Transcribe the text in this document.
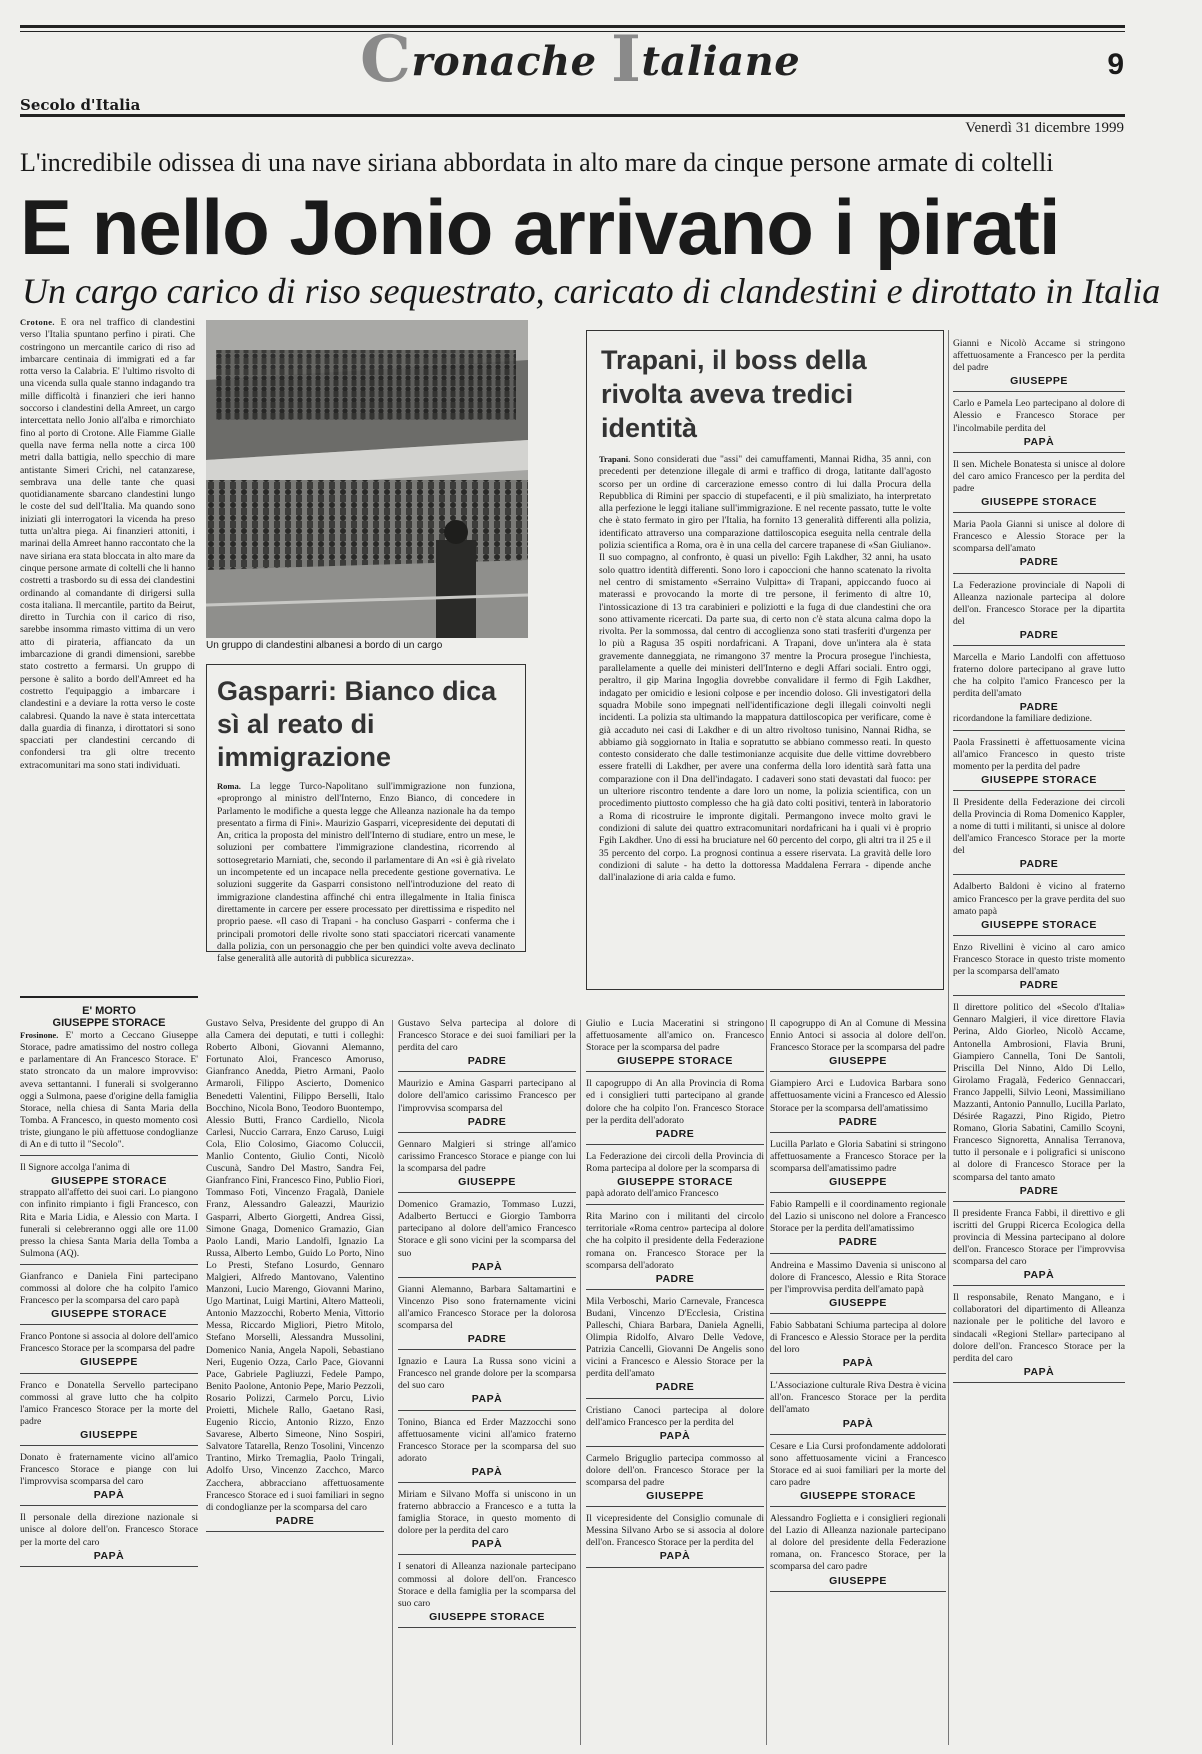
Cronache Italiane
Secolo d'Italia
9
Venerdì 31 dicembre 1999
L'incredibile odissea di una nave siriana abbordata in alto mare da cinque persone armate di coltelli
E nello Jonio arrivano i pirati
Un cargo carico di riso sequestrato, caricato di clandestini e dirottato in Italia
Crotone. E ora nel traffico di clandestini verso l'Italia spuntano perfino i pirati. Che costringono un mercantile carico di riso ad imbarcare centinaia di immigrati ed a far rotta verso la Calabria. E' l'ultimo risvolto di una vicenda sulla quale stanno indagando tra mille difficoltà i finanzieri che ieri hanno soccorso i clandestini della Amreet, un cargo intercettata nello Jonio all'alba e rimorchiato fino al porto di Crotone. Alle Fiamme Gialle quella nave ferma nella notte a circa 100 metri dalla battigia, nello specchio di mare antistante Simeri Crichi, nel catanzarese, sembrava una delle tante che quasi quotidianamente sbarcano clandestini lungo le coste del sud dell'Italia. Ma quando sono iniziati gli interrogatori la vicenda ha preso tutta un'altra piega. Ai finanzieri attoniti, i marinai della Amreet hanno raccontato che la nave siriana era stata bloccata in alto mare da cinque persone armate di coltelli che li hanno costretti a trasbordo su di essa dei clandestini ordinando al comandante di dirigersi sulla costa italiana. Il mercantile, partito da Beirut, diretto in Turchia con il carico di riso, sarebbe insomma rimasto vittima di un vero atto di pirateria, affiancato da un imbarcazione di grandi dimensioni, sarebbe stato costretto a fermarsi. Un gruppo di persone è salito a bordo dell'Amreet ed ha costretto l'equipaggio a imbarcare i clandestini e a deviare la rotta verso le coste calabresi. Quando la nave è stata intercettata dalla guardia di finanza, i dirottatori si sono spacciati per clandestini cercando di confondersi tra gli oltre trecento extracomunitari ma sono stati individuati.
Un gruppo di clandestini albanesi a bordo di un cargo
Gasparri: Bianco dica sì al reato di immigrazione
Roma. La legge Turco-Napolitano sull'immigrazione non funziona, «proprongo al ministro dell'Interno, Enzo Bianco, di concedere in Parlamento le modifiche a questa legge che Alleanza nazionale ha da tempo presentato a firma di Fini». Maurizio Gasparri, vicepresidente dei deputati di An, critica la proposta del ministro dell'Interno di studiare, entro un mese, le soluzioni per combattere l'immigrazione clandestina, ricorrendo al sottosegretario Marniati, che, secondo il parlamentare di An «si è già rivelato un incompetente ed un incapace nella precedente gestione governativa. Le soluzioni suggerite da Gasparri consistono nell'introduzione del reato di immigrazione clandestina affinché chi entra illegalmente in Italia finisca direttamente in carcere per essere processato per direttissima e rispedito nel proprio paese. «Il caso di Trapani - ha concluso Gasparri - conferma che i principali promotori delle rivolte sono stati spacciatori ricercati vanamente dalla polizia, con un personaggio che per ben quindici volte aveva declinato false generalità alle autorità di pubblica sicurezza».
Trapani, il boss della rivolta aveva tredici identità
Trapani. Sono considerati due "assi" dei camuffamenti, Mannai Ridha, 35 anni, con precedenti per detenzione illegale di armi e traffico di droga, latitante dall'agosto scorso per un ordine di carcerazione emesso contro di lui dalla Procura della Repubblica di Rimini per spaccio di stupefacenti, e il più smaliziato, ha interpretato alla perfezione le leggi italiane sull'immigrazione. E nel recente passato, tutte le volte che è stato fermato in giro per l'Italia, ha fornito 13 generalità differenti alla polizia, identificato attraverso una comparazione dattiloscopica eseguita nella centrale della polizia scientifica a Roma, ora è in una cella del carcere trapanese di «San Giuliano». Il suo compagno, al confronto, è quasi un pivello: Fgih Lakdher, 32 anni, ha usato solo quattro identità differenti. Sono loro i capoccioni che hanno scatenato la rivolta nel centro di smistamento «Serraino Vulpitta» di Trapani, appiccando fuoco ai materassi e provocando la morte di tre persone, il ferimento di altre 10, l'intossicazione di 13 tra carabinieri e poliziotti e la fuga di due clandestini che ora sono attivamente ricercati. Da parte sua, di certo non c'è stata alcuna calma dopo la rivolta. Per la sommossa, dal centro di accoglienza sono stati trasferiti d'urgenza per lo più a Ragusa 35 ospiti nordafricani. A Trapani, dove un'intera ala è stata gravemente danneggiata, ne rimangono 37 mentre la Procura prosegue l'inchiesta, parallelamente a quelle dei ministeri dell'Interno e degli Affari sociali. Entro oggi, peraltro, il gip Marina Ingoglia dovrebbe convalidare il fermo di Fgih Lakdher, indagato per omicidio e lesioni colpose e per incendio doloso. Gli investigatori della squadra Mobile sono impegnati nell'identificazione degli illegali coinvolti negli incidenti. La polizia sta ultimando la mappatura dattiloscopica per verificare, come è già accaduto nei casi di Lakdher e di un altro rivoltoso tunisino, Nannai Ridha, se abbiamo già soggiornato in Italia e sopratutto se abbiano commesso reati. In questo contesto considerato che dalle testimonianze acquisite due delle vittime dovrebbero essere fratelli di Lakdher, per avere una conferma della loro identità sarà fatta una comparazione con il Dna dell'indagato. I cadaveri sono stati devastati dal fuoco: per un ulteriore riscontro tendente a dare loro un nome, la polizia scientifica, con un procedimento piuttosto complesso che ha già dato colti positivi, tenterà in laboratorio a Roma di ricostruire le impronte digitali. Permangono invece molto gravi le condizioni di salute dei quattro extracomunitari nordafricani ha i quali vi è proprio Fgih Lakdher. Uno di essi ha bruciature nel 60 percento del corpo, gli altri tra il 25 e il 35 percento del corpo. La prognosi continua a essere riservata. La gravità delle loro condizioni di salute - ha detto la dottoressa Maddalena Ferrara - dipende anche dall'inalazione di aria calda e fumo.
Gianni e Nicolò Accame si stringono affettuosamente a Francesco per la perdita del padre
GIUSEPPE
Carlo e Pamela Leo partecipano al dolore di Alessio e Francesco Storace per l'incolmabile perdita del
PAPÀ
Il sen. Michele Bonatesta si unisce al dolore del caro amico Francesco per la perdita del padre
GIUSEPPE STORACE
Maria Paola Gianni si unisce al dolore di Francesco e Alessio Storace per la scomparsa dell'amato
PADRE
La Federazione provinciale di Napoli di Alleanza nazionale partecipa al dolore dell'on. Francesco Storace per la dipartita del
PADRE
Marcella e Mario Landolfi con affettuoso fraterno dolore partecipano al grave lutto che ha colpito l'amico Francesco per la perdita dell'amato
PADRE
ricordandone la familiare dedizione.
Paola Frassinetti è affettuosamente vicina all'amico Francesco in questo triste momento per la perdita del padre
GIUSEPPE STORACE
Il Presidente della Federazione dei circoli della Provincia di Roma Domenico Kappler, a nome di tutti i militanti, si unisce al dolore dell'amico Francesco Storace per la morte del
PADRE
Adalberto Baldoni è vicino al fraterno amico Francesco per la grave perdita del suo amato papà
GIUSEPPE STORACE
Enzo Rivellini è vicino al caro amico Francesco Storace in questo triste momento per la scomparsa dell'amato
PADRE
Il direttore politico del «Secolo d'Italia» Gennaro Malgieri, il vice direttore Flavia Perina, Aldo Giorleo, Nicolò Accame, Antonella Ambrosioni, Flavia Bruni, Giampiero Cannella, Toni De Santoli, Priscilla Del Ninno, Aldo Di Lello, Girolamo Fragalà, Federico Gennaccari, Franco Jappelli, Silvio Leoni, Massimiliano Mazzanti, Antonio Pannullo, Lucilla Parlato, Désirée Ragazzi, Pino Rigido, Pietro Romano, Gloria Sabatini, Camillo Scoyni, Francesco Signoretta, Annalisa Terranova, tutto il personale e i poligrafici si uniscono al dolore di Francesco Storace per la scomparsa del tanto amato
PADRE
Il presidente Franca Fabbi, il direttivo e gli iscritti del Gruppi Ricerca Ecologica della provincia di Messina partecipano al dolore dell'on. Francesco Storace per l'improvvisa scomparsa del caro
PAPÀ
Il responsabile, Renato Mangano, e i collaboratori del dipartimento di Alleanza nazionale per le politiche del lavoro e sindacali «Regioni Stellar» partecipano al dolore dell'on. Francesco Storace per la perdita del caro
PAPÀ
E' MORTO
GIUSEPPE STORACE
Frosinone. E' morto a Ceccano Giuseppe Storace, padre amatissimo del nostro collega e parlamentare di An Francesco Storace. E' stato stroncato da un malore improvviso: aveva settantanni. I funerali si svolgeranno oggi a Sulmona, paese d'origine della famiglia Storace, nella chiesa di Santa Maria della Tomba. A Francesco, in questo momento così triste, giungano le più affettuose condoglianze di An e di tutto il "Secolo".
Il Signore accolga l'anima di
GIUSEPPE STORACE
strappato all'affetto dei suoi cari. Lo piangono con infinito rimpianto i figli Francesco, con Rita e Maria Lidia, e Alessio con Marta. I funerali si celebreranno oggi alle ore 11.00 presso la chiesa Santa Maria della Tomba a Sulmona (AQ).
Gianfranco e Daniela Fini partecipano commossi al dolore che ha colpito l'amico Francesco per la scomparsa del caro papà
GIUSEPPE STORACE
Franco Pontone si associa al dolore dell'amico Francesco Storace per la scomparsa del padre
GIUSEPPE
Franco e Donatella Servello partecipano commossi al grave lutto che ha colpito l'amico Francesco Storace per la morte del padre
GIUSEPPE
Donato è fraternamente vicino all'amico Francesco Storace e piange con lui l'improvvisa scomparsa del caro
PAPÀ
Il personale della direzione nazionale si unisce al dolore dell'on. Francesco Storace per la morte del caro
PAPÀ
Gustavo Selva, Presidente del gruppo di An alla Camera dei deputati, e tutti i colleghi: Roberto Alboni, Giovanni Alemanno, Fortunato Aloi, Francesco Amoruso, Gianfranco Anedda, Pietro Armani, Paolo Armaroli, Filippo Ascierto, Domenico Benedetti Valentini, Filippo Berselli, Italo Bocchino, Nicola Bono, Teodoro Buontempo, Alessio Butti, Franco Cardiello, Nicola Carlesi, Nuccio Carrara, Enzo Caruso, Luigi Cola, Elio Colosimo, Giacomo Coluccii, Manlio Contento, Giulio Conti, Nicolò Cuscunà, Sandro Del Mastro, Sandra Fei, Gianfranco Fini, Francesco Fino, Publio Fiori, Tommaso Foti, Vincenzo Fragalà, Daniele Franz, Alessandro Galeazzi, Maurizio Gasparri, Alberto Giorgetti, Andrea Gissi, Simone Gnaga, Domenico Gramazio, Gian Paolo Landi, Mario Landolfi, Ignazio La Russa, Alberto Lembo, Guido Lo Porto, Nino Lo Presti, Stefano Losurdo, Gennaro Malgieri, Alfredo Mantovano, Valentino Manzoni, Lucio Marengo, Giovanni Marino, Ugo Martinat, Luigi Martini, Altero Matteoli, Antonio Mazzocchi, Roberto Menia, Vittorio Messa, Riccardo Migliori, Pietro Mitolo, Stefano Morselli, Alessandra Mussolini, Domenico Nania, Angela Napoli, Sebastiano Neri, Eugenio Ozza, Carlo Pace, Giovanni Pace, Gabriele Pagliuzzi, Fedele Pampo, Benito Paolone, Antonio Pepe, Mario Pezzoli, Rosario Polizzi, Carmelo Porcu, Livio Proietti, Michele Rallo, Gaetano Rasi, Eugenio Riccio, Antonio Rizzo, Enzo Savarese, Alberto Simeone, Nino Sospiri, Salvatore Tatarella, Renzo Tosolini, Vincenzo Trantino, Mirko Tremaglia, Paolo Tringali, Adolfo Urso, Vincenzo Zacchco, Marco Zacchera, abbracciano affettuosamente Francesco Storace ed i suoi familiari in segno di condoglianze per la scomparsa del caro
PADRE
Gustavo Selva partecipa al dolore di Francesco Storace e dei suoi familiari per la perdita del caro
PADRE
Maurizio e Amina Gasparri partecipano al dolore dell'amico carissimo Francesco per l'improvvisa scomparsa del
PADRE
Gennaro Malgieri si stringe all'amico carissimo Francesco Storace e piange con lui la scomparsa del padre
GIUSEPPE
Domenico Gramazio, Tommaso Luzzi, Adalberto Bertucci e Giorgio Tamborra partecipano al dolore dell'amico Francesco Storace e gli sono vicini per la scomparsa del suo
PAPÀ
Gianni Alemanno, Barbara Saltamartini e Vincenzo Piso sono fraternamente vicini all'amico Francesco Storace per la dolorosa scomparsa del
PADRE
Ignazio e Laura La Russa sono vicini a Francesco nel grande dolore per la scomparsa del suo caro
PAPÀ
Tonino, Bianca ed Erder Mazzocchi sono affettuosamente vicini all'amico fraterno Francesco Storace per la scomparsa del suo adorato
PAPÀ
Miriam e Silvano Moffa si uniscono in un fraterno abbraccio a Francesco e a tutta la famiglia Storace, in questo momento di dolore per la perdita del caro
PAPÀ
I senatori di Alleanza nazionale partecipano commossi al dolore dell'on. Francesco Storace e della famiglia per la scomparsa del suo caro
GIUSEPPE STORACE
Giulio e Lucia Maceratini si stringono affettuosamente all'amico on. Francesco Storace per la scomparsa del padre
GIUSEPPE STORACE
Il capogruppo di An alla Provincia di Roma ed i consiglieri tutti partecipano al grande dolore che ha colpito l'on. Francesco Storace per la perdita dell'adorato
PADRE
La Federazione dei circoli della Provincia di Roma partecipa al dolore per la scomparsa di
GIUSEPPE STORACE
papà adorato dell'amico Francesco
Rita Marino con i militanti del circolo territoriale «Roma centro» partecipa al dolore che ha colpito il presidente della Federazione romana on. Francesco Storace per la scomparsa dell'adorato
PADRE
Mila Verboschi, Mario Carnevale, Francesca Budani, Vincenzo D'Ecclesia, Cristina Palleschi, Chiara Barbara, Daniela Agnelli, Olimpia Ridolfo, Alvaro Delle Vedove, Patrizia Cancelli, Giovanni De Angelis sono vicini a Francesco e Alessio Storace per la perdita dell'amato
PADRE
Cristiano Canoci partecipa al dolore dell'amico Francesco per la perdita del
PAPÀ
Carmelo Briguglio partecipa commosso al dolore dell'on. Francesco Storace per la scomparsa del padre
GIUSEPPE
Il vicepresidente del Consiglio comunale di Messina Silvano Arbo se si associa al dolore dell'on. Francesco Storace per la perdita del
PAPÀ
Il capogruppo di An al Comune di Messina Ennio Antoci si associa al dolore dell'on. Francesco Storace per la scomparsa del padre
GIUSEPPE
Giampiero Arci e Ludovica Barbara sono affettuosamente vicini a Francesco ed Alessio Storace per la scomparsa dell'amatissimo
PADRE
Lucilla Parlato e Gloria Sabatini si stringono affettuosamente a Francesco Storace per la scomparsa dell'amatissimo padre
GIUSEPPE
Fabio Rampelli e il coordinamento regionale del Lazio si uniscono nel dolore a Francesco Storace per la perdita dell'amatissimo
PADRE
Andreina e Massimo Davenia si uniscono al dolore di Francesco, Alessio e Rita Storace per l'improvvisa perdita dell'amato papà
GIUSEPPE
Fabio Sabbatani Schiuma partecipa al dolore di Francesco e Alessio Storace per la perdita del loro
PAPÀ
L'Associazione culturale Riva Destra è vicina all'on. Francesco Storace per la perdita dell'amato
PAPÀ
Cesare e Lia Cursi profondamente addolorati sono affettuosamente vicini a Francesco Storace ed ai suoi familiari per la morte del caro padre
GIUSEPPE STORACE
Alessandro Foglietta e i consiglieri regionali del Lazio di Alleanza nazionale partecipano al dolore del presidente della Federazione romana, on. Francesco Storace, per la scomparsa del caro padre
GIUSEPPE
